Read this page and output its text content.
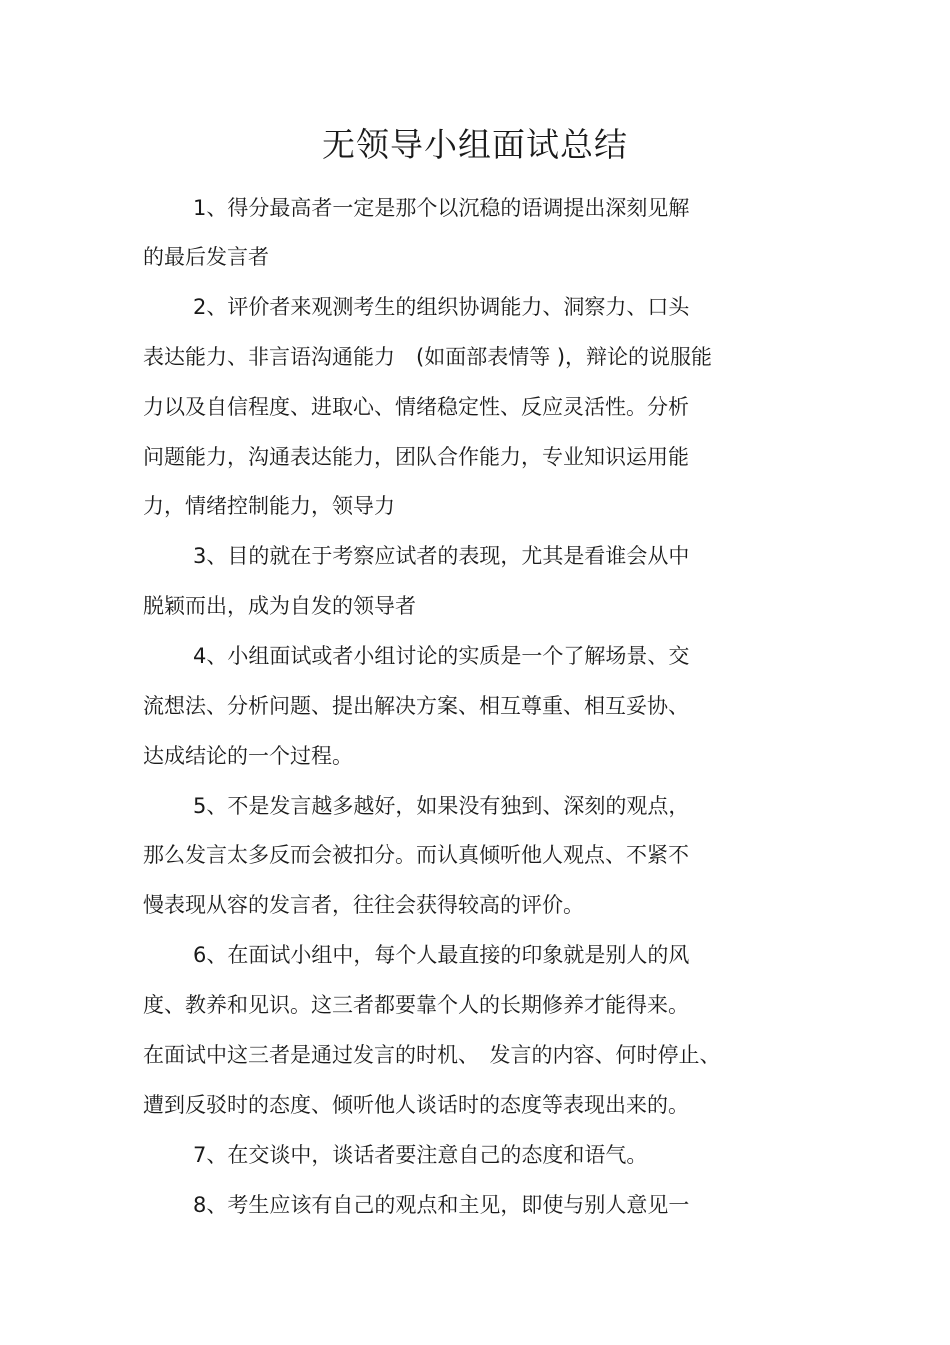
无领导小组面试总结
1、得分最高者一定是那个以沉稳的语调提出深刻见解
的最后发言者
2、评价者来观测考生的组织协调能力、洞察力、口头
表达能力、非言语沟通能力　(如面部表情等 )，辩论的说服能
力以及自信程度、进取心、情绪稳定性、反应灵活性。分析
问题能力，沟通表达能力，团队合作能力，专业知识运用能
力，情绪控制能力，领导力
3、目的就在于考察应试者的表现，尤其是看谁会从中
脱颖而出，成为自发的领导者
4、小组面试或者小组讨论的实质是一个了解场景、交
流想法、分析问题、提出解决方案、相互尊重、相互妥协、
达成结论的一个过程。
5、不是发言越多越好，如果没有独到、深刻的观点，
那么发言太多反而会被扣分。而认真倾听他人观点、不紧不
慢表现从容的发言者，往往会获得较高的评价。
6、在面试小组中，每个人最直接的印象就是别人的风
度、教养和见识。这三者都要靠个人的长期修养才能得来。
在面试中这三者是通过发言的时机、　发言的内容、何时停止、
遭到反驳时的态度、倾听他人谈话时的态度等表现出来的。
7、在交谈中，谈话者要注意自己的态度和语气。
8、考生应该有自己的观点和主见，即使与别人意见一
